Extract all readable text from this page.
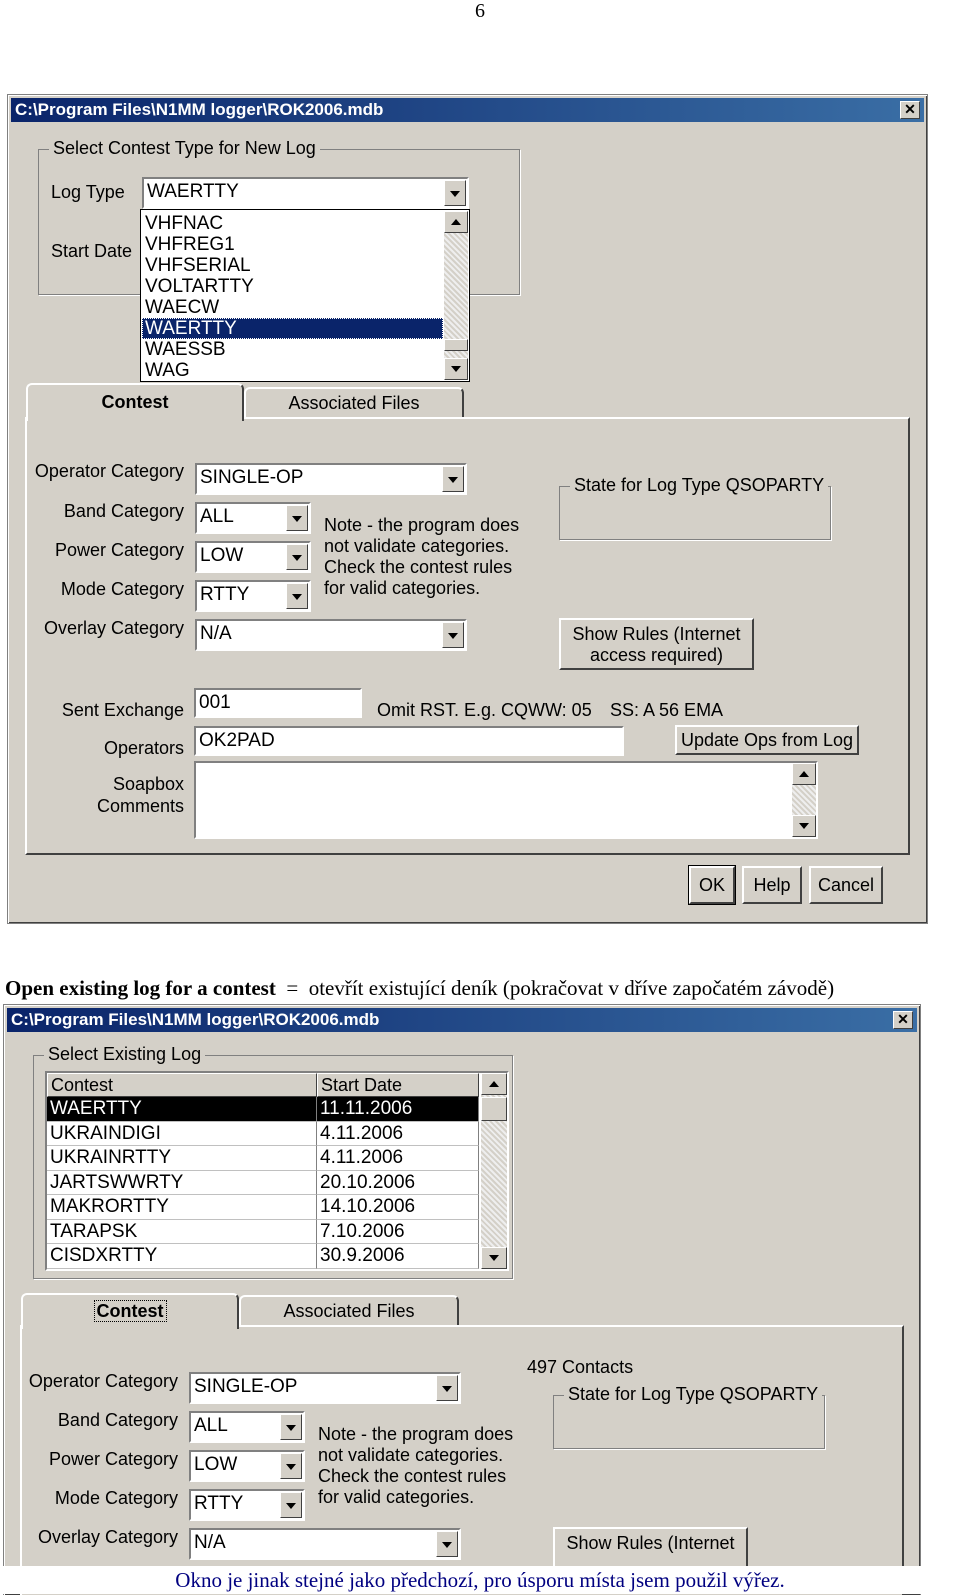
6
C:\Program Files\N1MM logger\ROK2006.mdb	✕
Select Contest Type for New Log
Log Type WAERTTY
Start Date
VHFNAC
VHFREG1
VHFSERIAL
VOLTARTTY
WAECW
WAERTTY
WAESSB
WAG
Contest	Associated Files
Operator Category SINGLE-OP
Band Category ALL
Power Category LOW
Mode Category RTTY
Overlay Category N/A
Note - the program does
not validate categories.
Check the contest rules
for valid categories.
State for Log Type QSOPARTY
Show Rules (Internet
access required)
Sent Exchange 001	Omit RST. E.g. CQWW: 05 SS: A 56 EMA
Operators OK2PAD	Update Ops from Log
Soapbox
Comments
OK	Help	Cancel
Open existing log for a contest  =  otevřít existující deník (pokračovat v dříve započatém závodě)
C:\Program Files\N1MM logger\ROK2006.mdb	✕
Select Existing Log
Contest	Start Date
WAERTTY	11.11.2006
UKRAINDIGI	4.11.2006
UKRAINRTTY	4.11.2006
JARTSWWRTY	20.10.2006
MAKRORTTY	14.10.2006
TARAPSK	7.10.2006
CISDXRTTY	30.9.2006
Contest	Associated Files
497 Contacts
State for Log Type QSOPARTY
Operator Category SINGLE-OP
Band Category ALL
Power Category LOW
Mode Category RTTY
Overlay Category N/A
Note - the program does
not validate categories.
Check the contest rules
for valid categories.
Show Rules (Internet
Okno je jinak stejné jako předchozí, pro úsporu místa jsem použil výřez.
